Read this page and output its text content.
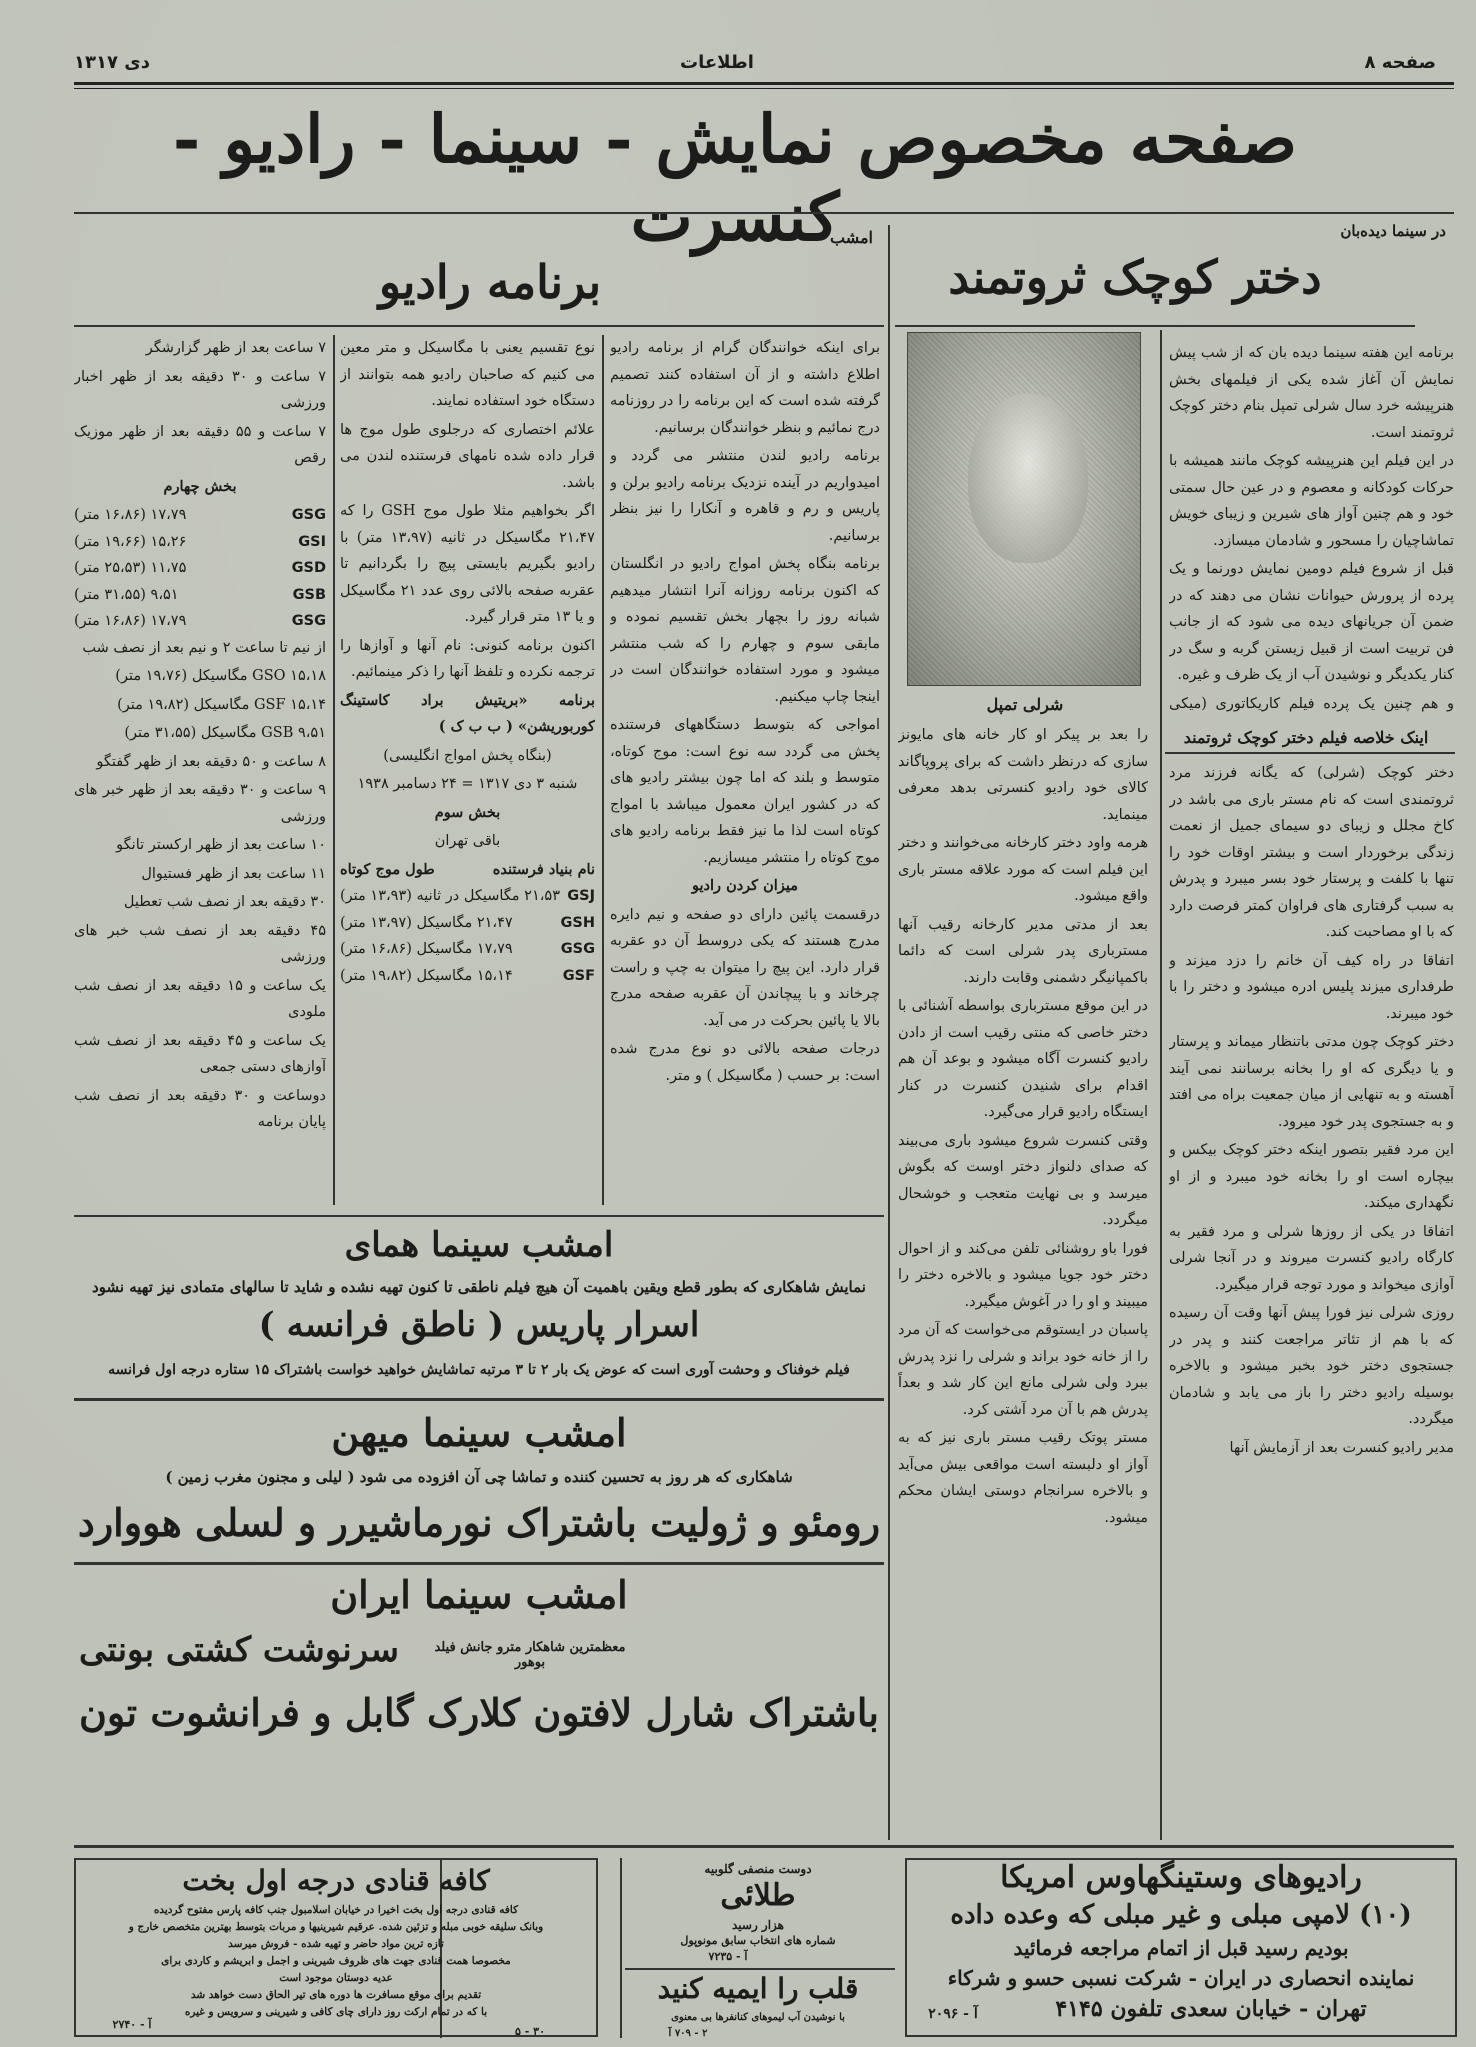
صفحه ۸
اطلاعات
دی ۱۳۱۷
صفحه مخصوص نمایش - سینما - رادیو - کنسرت	در سینما دیده‌بان
دختر کوچک ثروتمند
شرلی تمپل

برنامه این هفته سینما دیده بان که از شب پیش نمایش آن آغاز شده یکی از فیلمهای بخش هنرپیشه خرد سال شرلی تمپل بنام دختر کوچک ثروتمند است.

در این فیلم این هنرپیشه کوچک مانند همیشه با حرکات کودکانه و معصوم و در عین حال سمتی خود و هم چنین آواز های شیرین و زیبای خویش تماشاچیان را مسحور و شادمان میسازد.

قبل از شروع فیلم دومین نمایش دورنما و یک پرده از پرورش حیوانات نشان می دهند که در ضمن آن جریانهای دیده می شود که از جانب فن تربیت است از قبیل زیستن گربه و سگ در کنار یکدیگر و نوشیدن آب از یک ظرف و غیره.

و هم چنین یک پرده فیلم کاریکاتوری (میکی

اینک خلاصه فیلم دختر کوچک ثروتمند

دختر کوچک (شرلی) که یگانه فرزند مرد ثروتمندی است که نام مستر باری می باشد در کاخ مجلل و زیبای دو سیمای جمیل از نعمت زندگی برخوردار است و بیشتر اوقات خود را تنها با کلفت و پرستار خود بسر میبرد و پدرش به سبب گرفتاری های فراوان کمتر فرصت دارد که با او مصاحبت کند.

اتفاقا در راه کیف آن خانم را دزد میزند و طرفداری میزند پلیس ادره میشود و دختر را با خود میبرند.

دختر کوچک چون مدتی باتنظار میماند و پرستار و یا دیگری که او را بخانه برسانند نمی آیند آهسته و به تنهایی از میان جمعیت براه می افتد و به جستجوی پدر خود میرود.

این مرد فقیر بتصور اینکه دختر کوچک بیکس و بیچاره است او را بخانه خود میبرد و از او نگهداری میکند.

اتفاقا در یکی از روزها شرلی و مرد فقیر به کارگاه رادیو کنسرت میروند و در آنجا شرلی آوازی میخواند و مورد توجه قرار میگیرد.

روزی شرلی نیز فورا پیش آنها وقت آن رسیده که با هم از تئاتر مراجعت کنند و پدر در جستجوی دختر خود بخبر میشود و بالاخره بوسیله رادیو دختر را باز می یابد و شادمان میگردد.

مدیر رادیو کنسرت بعد از آزمایش آنها

را بعد بر پیکر او کار خانه های مایونز سازی که درنظر داشت که برای پروپاگاند کالای خود رادیو کنسرتی بدهد معرفی مینماید.

هرمه واود دختر کارخانه می‌خوانند و دختر این فیلم است که مورد علاقه مستر باری واقع میشود.

بعد از مدتی مدیر کارخانه رقیب آنها مسترباری پدر شرلی است که دائما باکمپانیگر دشمنی وقابت دارند.

در این موقع مسترباری بواسطه آشنائی با دختر خاصی که منتی رقیب است از دادن رادیو کنسرت آگاه میشود و بوعد آن هم اقدام برای شنیدن کنسرت در کنار ایستگاه رادیو قرار می‌گیرد.

وقتی کنسرت شروع میشود باری می‌بیند که صدای دلنواز دختر اوست که بگوش میرسد و بی نهایت متعجب و خوشحال میگردد.

فورا باو روشنائی تلفن می‌کند و از احوال دختر خود جویا میشود و بالاخره دختر را میبیند و او را در آغوش میگیرد.

پاسبان در ایستوقم می‌خواست که آن مرد را از خانه خود براند و شرلی را نزد پدرش ببرد ولی شرلی مانع این کار شد و بعداً پدرش هم با آن مرد آشتی کرد.

مستر پوتک رقیب مستر باری نیز که به آواز او دلبسته است مواقعی بیش می‌آید و بالاخره سرانجام دوستی ایشان محکم میشود.

امشب
برنامه رادیو

برای اینکه خوانندگان گرام از برنامه رادیو اطلاع داشته و از آن استفاده کنند تصمیم گرفته شده است که این برنامه را در روزنامه درج نمائیم و بنظر خوانندگان برسانیم.

برنامه رادیو لندن منتشر می گردد و امیدواریم در آینده نزدیک برنامه رادیو برلن و پاریس و رم و قاهره و آنکارا را نیز بنظر برسانیم.

برنامه بنگاه پخش امواج رادیو در انگلستان که اکنون برنامه روزانه آنرا انتشار میدهیم شبانه روز را بچهار بخش تقسیم نموده و مابقی سوم و چهارم را که شب منتشر میشود و مورد استفاده خوانندگان است در اینجا چاپ میکنیم.

امواجی که بتوسط دستگاههای فرستنده پخش می گردد سه نوع است: موج کوتاه، متوسط و بلند که اما چون بیشتر رادیو های که در کشور ایران معمول میباشد با امواج کوتاه است لذا ما نیز فقط برنامه رادیو های موج کوتاه را منتشر میسازیم.

میزان کردن رادیو

درقسمت پائین دارای دو صفحه و نیم دایره مدرج هستند که یکی دروسط آن دو عقربه قرار دارد. این پیچ را میتوان به چپ و راست چرخاند و با پیچاندن آن عقربه صفحه مدرج بالا یا پائین بحرکت در می آید.

درجات صفحه بالائی دو نوع مدرج شده است: بر حسب ( مگاسیکل ) و متر.

نوع تقسیم یعنی با مگاسیکل و متر معین می کنیم که صاحبان رادیو همه بتوانند از دستگاه خود استفاده نمایند.

علائم اختصاری که درجلوی طول موج ها قرار داده شده نامهای فرستنده لندن می باشد.

اگر بخواهیم مثلا طول موج GSH را که ۲۱،۴۷ مگاسیکل در ثانیه (۱۳،۹۷ متر) با رادیو بگیریم بایستی پیچ را بگردانیم تا عقربه صفحه بالائی روی عدد ۲۱ مگاسیکل و یا ۱۳ متر قرار گیرد.

اکنون برنامه کنونی: نام آنها و آوازها را ترجمه نکرده و تلفظ آنها را ذکر مینمائیم.

برنامه «بریتیش براد کاستینگ کوربوریشن» ( ب ب ک )

(بنگاه پخش امواج انگلیسی)

شنبه ۳ دی ۱۳۱۷ = ۲۴ دسامبر ۱۹۳۸

بخش سوم

باقی تهران

نام بنیاد فرستنده
طول موج کوتاه
GSJ
۲۱،۵۳ مگاسیکل در ثانیه (۱۳،۹۳ متر)
GSH
۲۱،۴۷ مگاسیکل (۱۳،۹۷ متر)
GSG
۱۷،۷۹ مگاسیکل (۱۶،۸۶ متر)
GSF
۱۵،۱۴ مگاسیکل (۱۹،۸۲ متر)

۷ ساعت بعد از ظهر گزارشگر

۷ ساعت و ۳۰ دقیقه بعد از ظهر اخبار ورزشی

۷ ساعت و ۵۵ دقیقه بعد از ظهر موزیک رقص

بخش چهارم

GSG
۱۷،۷۹ (۱۶،۸۶ متر)
GSI
۱۵،۲۶ (۱۹،۶۶ متر)
GSD
۱۱،۷۵ (۲۵،۵۳ متر)
GSB
۹،۵۱ (۳۱،۵۵ متر)
GSG
۱۷،۷۹ (۱۶،۸۶ متر)

از نیم تا ساعت ۲ و نیم بعد از نصف شب

GSO ۱۵،۱۸ مگاسیکل (۱۹،۷۶ متر)

GSF ۱۵،۱۴ مگاسیکل (۱۹،۸۲ متر)

GSB ۹،۵۱ مگاسیکل (۳۱،۵۵ متر)

۸ ساعت و ۵۰ دقیقه بعد از ظهر گفتگو

۹ ساعت و ۳۰ دقیقه بعد از ظهر خبر های ورزشی

۱۰ ساعت بعد از ظهر ارکستر تانگو

۱۱ ساعت بعد از ظهر فستیوال

۳۰ دقیقه بعد از نصف شب تعطیل

۴۵ دقیقه بعد از نصف شب خبر های ورزشی

یک ساعت و ۱۵ دقیقه بعد از نصف شب ملودی

یک ساعت و ۴۵ دقیقه بعد از نصف شب آوازهای دستی جمعی

دوساعت و ۳۰ دقیقه بعد از نصف شب پایان برنامه

امشب سینما همای
نمایش شاهکاری که بطور قطع ویقین باهمیت آن هیچ فیلم ناطقی تا کنون تهیه نشده و شاید تا سالهای متمادی نیز تهیه نشود
اسرار پاریس ( ناطق فرانسه )
فیلم خوفناک و وحشت آوری است که عوض یک بار ۲ تا ۳ مرتبه تماشایش خواهید خواست باشتراک ۱۵ ستاره درجه اول فرانسه
امشب سینما میهن
شاهکاری که هر روز به تحسین کننده و تماشا چی آن افزوده می شود ( لیلی و مجنون مغرب زمین )
رومئو و ژولیت باشتراک نورماشیرر و لسلی هووارد
امشب سینما ایران
معظمترین شاهکار مترو جانش فیلد بوهور
سرنوشت کشتی بونتی
باشتراک شارل لافتون کلارک گابل و فرانشوت تون
رادیوهای وستینگهاوس امریکا
(۱۰) لامپی مبلی و غیر مبلی که وعده داده
بودیم رسید قبل از اتمام مراجعه فرمائید
نماینده انحصاری در ایران - شرکت نسبی حسو و شرکاء
تهران - خیابان سعدی تلفون ۴۱۴۵
آ - ۲۰۹۶
دوست منصفی گلوبیه
طلائی
هزار رسید
شماره های انتخاب سابق مونوپول
آ - ۷۲۳۵
قلب را ایمیه کنید
با نوشیدن آب لیموهای کنانفرها بی معنوی
۲ - ۷۰۹ آ
۳۰ - ۵
کافه قنادی درجه اول بخت
کافه قنادی درجه اول بخت اخیرا در خیابان اسلامبول جنب کافه پارس مفتوح گردیده
وبانک سلیقه خوبی مبله و تزئین شده. عرقیم شیرینیها و مربات بتوسط بهترین متخصص خارج و
تازه ترین مواد حاضر و تهیه شده - فروش میرسد
مخصوصا همت قنادی جهت های ظروف شیرینی و اجمل و ابریشم و کاردی برای
عدیه دوستان موجود است
تقدیم برای موقع مسافرت ها دوره های تیر الحاق دست خواهد شد
با که در تمام ارکت روز دارای چای کافی و شیرینی و سرویس و غیره
آ - ۲۷۴۰
